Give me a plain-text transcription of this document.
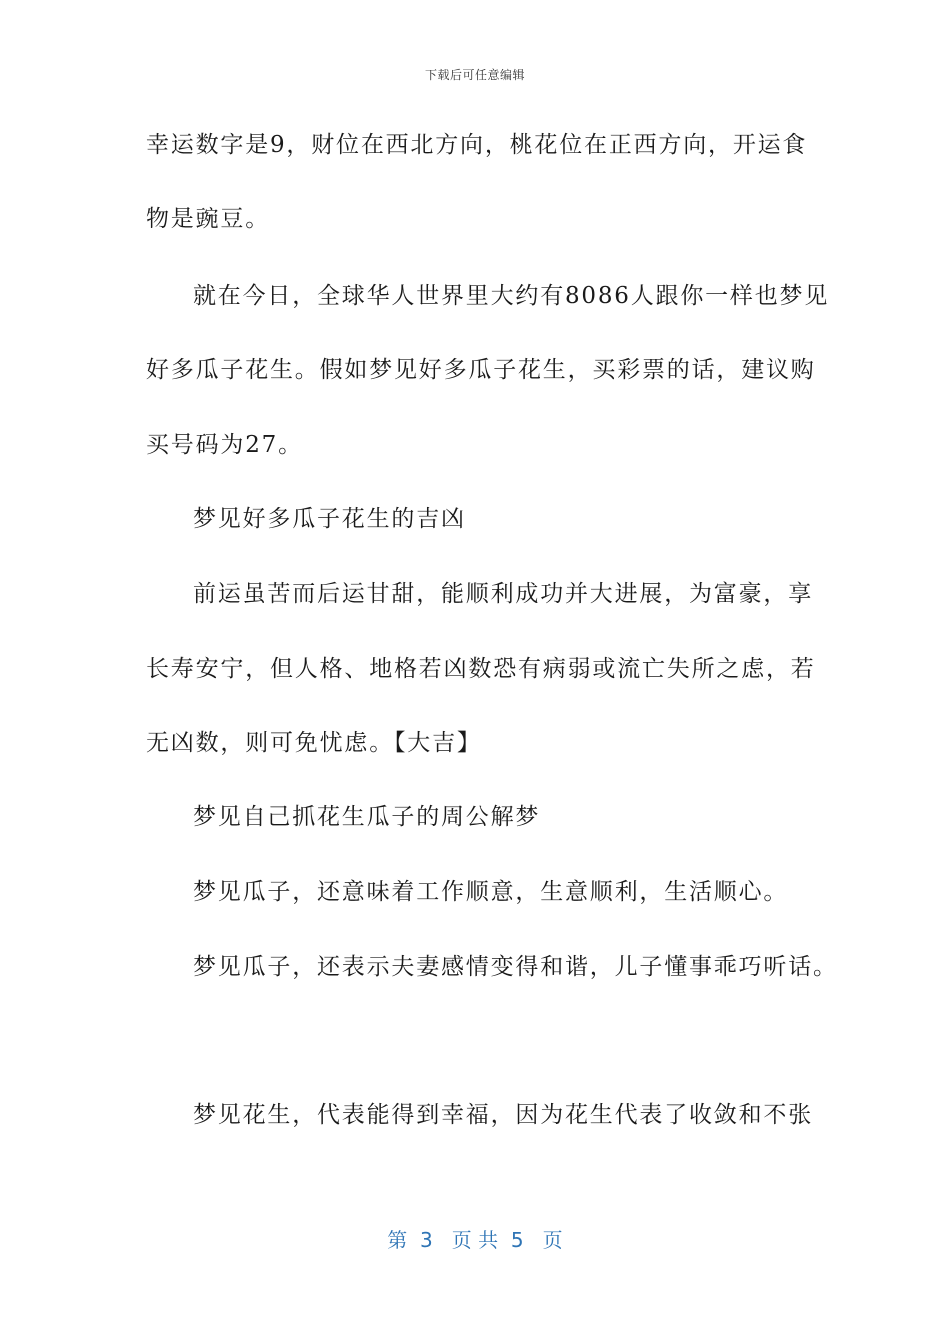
下载后可任意编辑
幸运数字是9，财位在西北方向，桃花位在正西方向，开运食
物是豌豆。
就在今日，全球华人世界里大约有8086人跟你一样也梦见
好多瓜子花生。假如梦见好多瓜子花生，买彩票的话，建议购
买号码为27。
梦见好多瓜子花生的吉凶
前运虽苦而后运甘甜，能顺利成功并大进展，为富豪，享
长寿安宁，但人格、地格若凶数恐有病弱或流亡失所之虑，若
无凶数，则可免忧虑。【大吉】
梦见自己抓花生瓜子的周公解梦
梦见瓜子，还意味着工作顺意，生意顺利，生活顺心。
梦见瓜子，还表示夫妻感情变得和谐，儿子懂事乖巧听话。
梦见花生，代表能得到幸福，因为花生代表了收敛和不张
第  3   页 共  5   页
